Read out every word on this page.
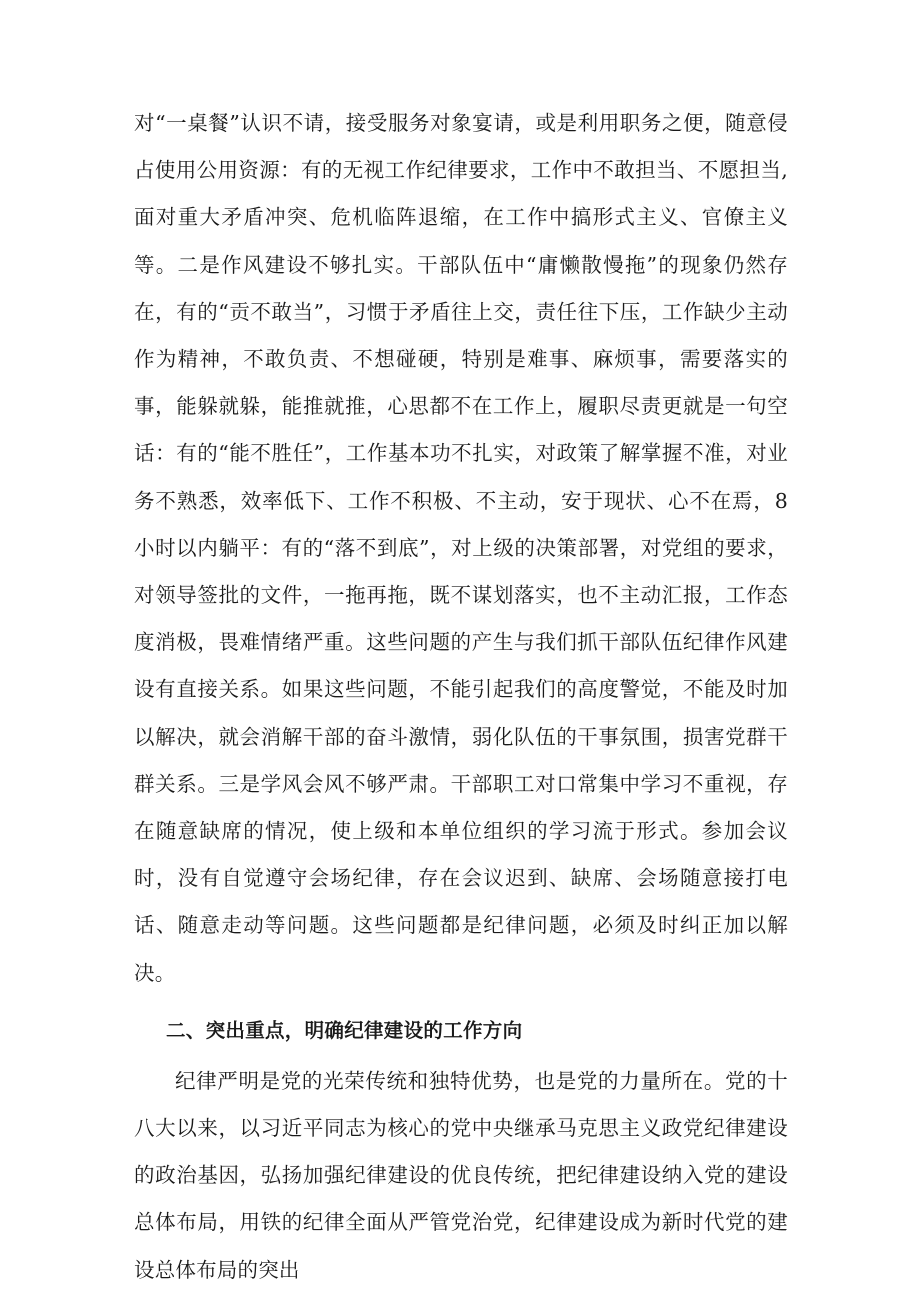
对“一桌餐”认识不请，接受服务对象宴请，或是利用职务之便，随意侵占使用公用资源：有的无视工作纪律要求，工作中不敢担当、不愿担当,面对重大矛盾冲突、危机临阵退缩，在工作中搞形式主义、官僚主义等。二是作风建设不够扎实。干部队伍中“庸懒散慢拖”的现象仍然存在，有的“贡不敢当”，习惯于矛盾往上交，责任往下压，工作缺少主动作为精神，不敢负责、不想碰硬，特别是难事、麻烦事，需要落实的事，能躲就躲，能推就推，心思都不在工作上，履职尽责更就是一句空话：有的“能不胜任”，工作基本功不扎实，对政策了解掌握不准，对业务不熟悉，效率低下、工作不积极、不主动，安于现状、心不在焉，8小时以内躺平：有的“落不到底”，对上级的决策部署，对党组的要求，对领导签批的文件，一拖再拖，既不谋划落实，也不主动汇报，工作态度消极，畏难情绪严重。这些问题的产生与我们抓干部队伍纪律作风建设有直接关系。如果这些问题，不能引起我们的高度警觉，不能及时加以解决，就会消解干部的奋斗激情，弱化队伍的干事氛围，损害党群干群关系。三是学风会风不够严肃。干部职工对口常集中学习不重视，存在随意缺席的情况，使上级和本单位组织的学习流于形式。参加会议时，没有自觉遵守会场纪律，存在会议迟到、缺席、会场随意接打电话、随意走动等问题。这些问题都是纪律问题，必须及时纠正加以解决。

二、突出重点，明确纪律建设的工作方向

纪律严明是党的光荣传统和独特优势，也是党的力量所在。党的十八大以来，以习近平同志为核心的党中央继承马克思主义政党纪律建设的政治基因，弘扬加强纪律建设的优良传统，把纪律建设纳入党的建设总体布局，用铁的纪律全面从严管党治党，纪律建设成为新时代党的建设总体布局的突出
